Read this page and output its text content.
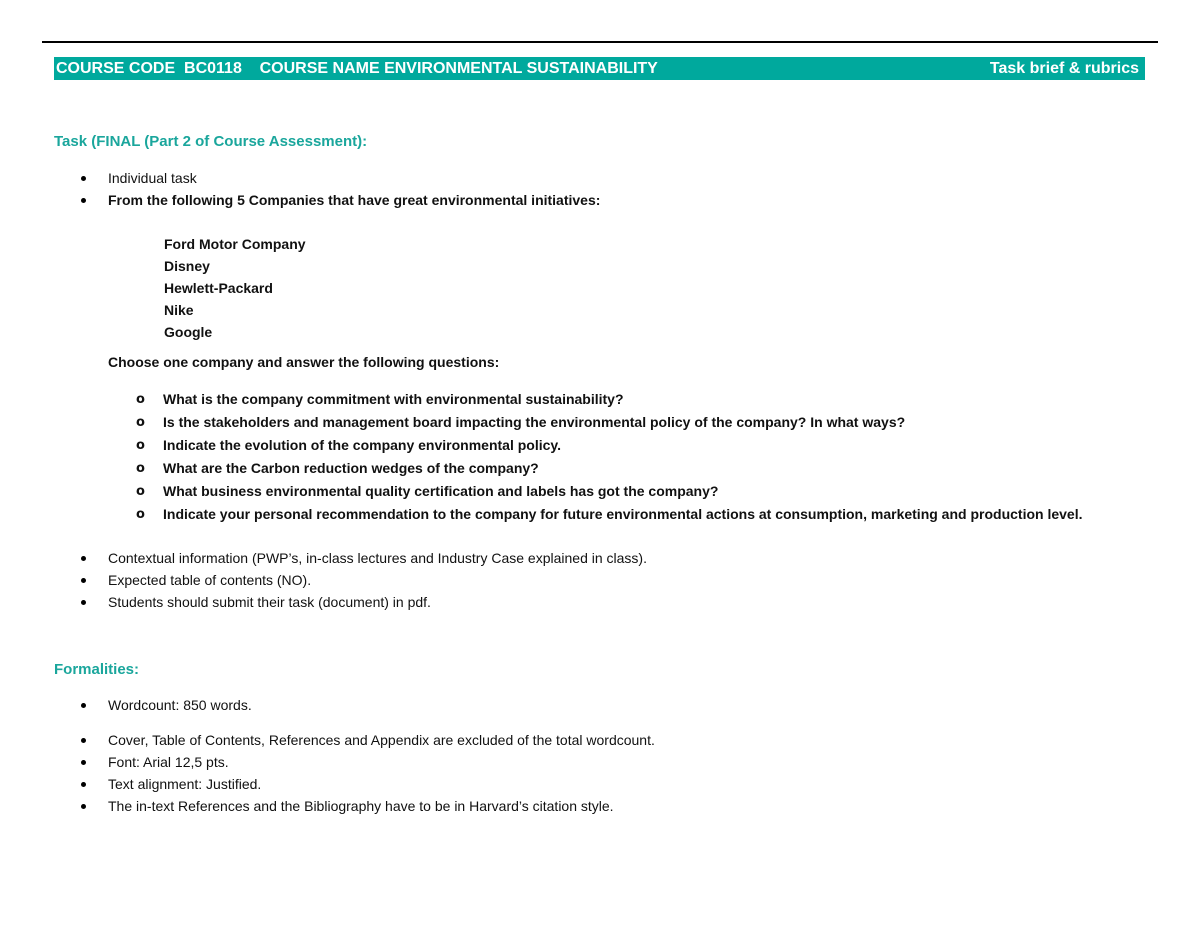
COURSE CODE  BC0118    COURSE NAME ENVIRONMENTAL SUSTAINABILITY	Task brief & rubrics
Task (FINAL (Part 2 of Course Assessment):
Individual task
From the following 5 Companies that have great environmental initiatives:
Ford Motor Company
Disney
Hewlett-Packard
Nike
Google
Choose one company and answer the following questions:
o What is the company commitment with environmental sustainability?
o Is the stakeholders and management board impacting the environmental policy of the company? In what ways?
o Indicate the evolution of the company environmental policy.
o What are the Carbon reduction wedges of the company?
o What business environmental quality certification and labels has got the company?
o Indicate your personal recommendation to the company for future environmental actions at consumption, marketing and production level.
Contextual information (PWP’s, in-class lectures and Industry Case explained in class).
Expected table of contents (NO).
Students should submit their task (document) in pdf.
Formalities:
Wordcount: 850 words.
Cover, Table of Contents, References and Appendix are excluded of the total wordcount.
Font: Arial 12,5 pts.
Text alignment: Justified.
The in-text References and the Bibliography have to be in Harvard’s citation style.
